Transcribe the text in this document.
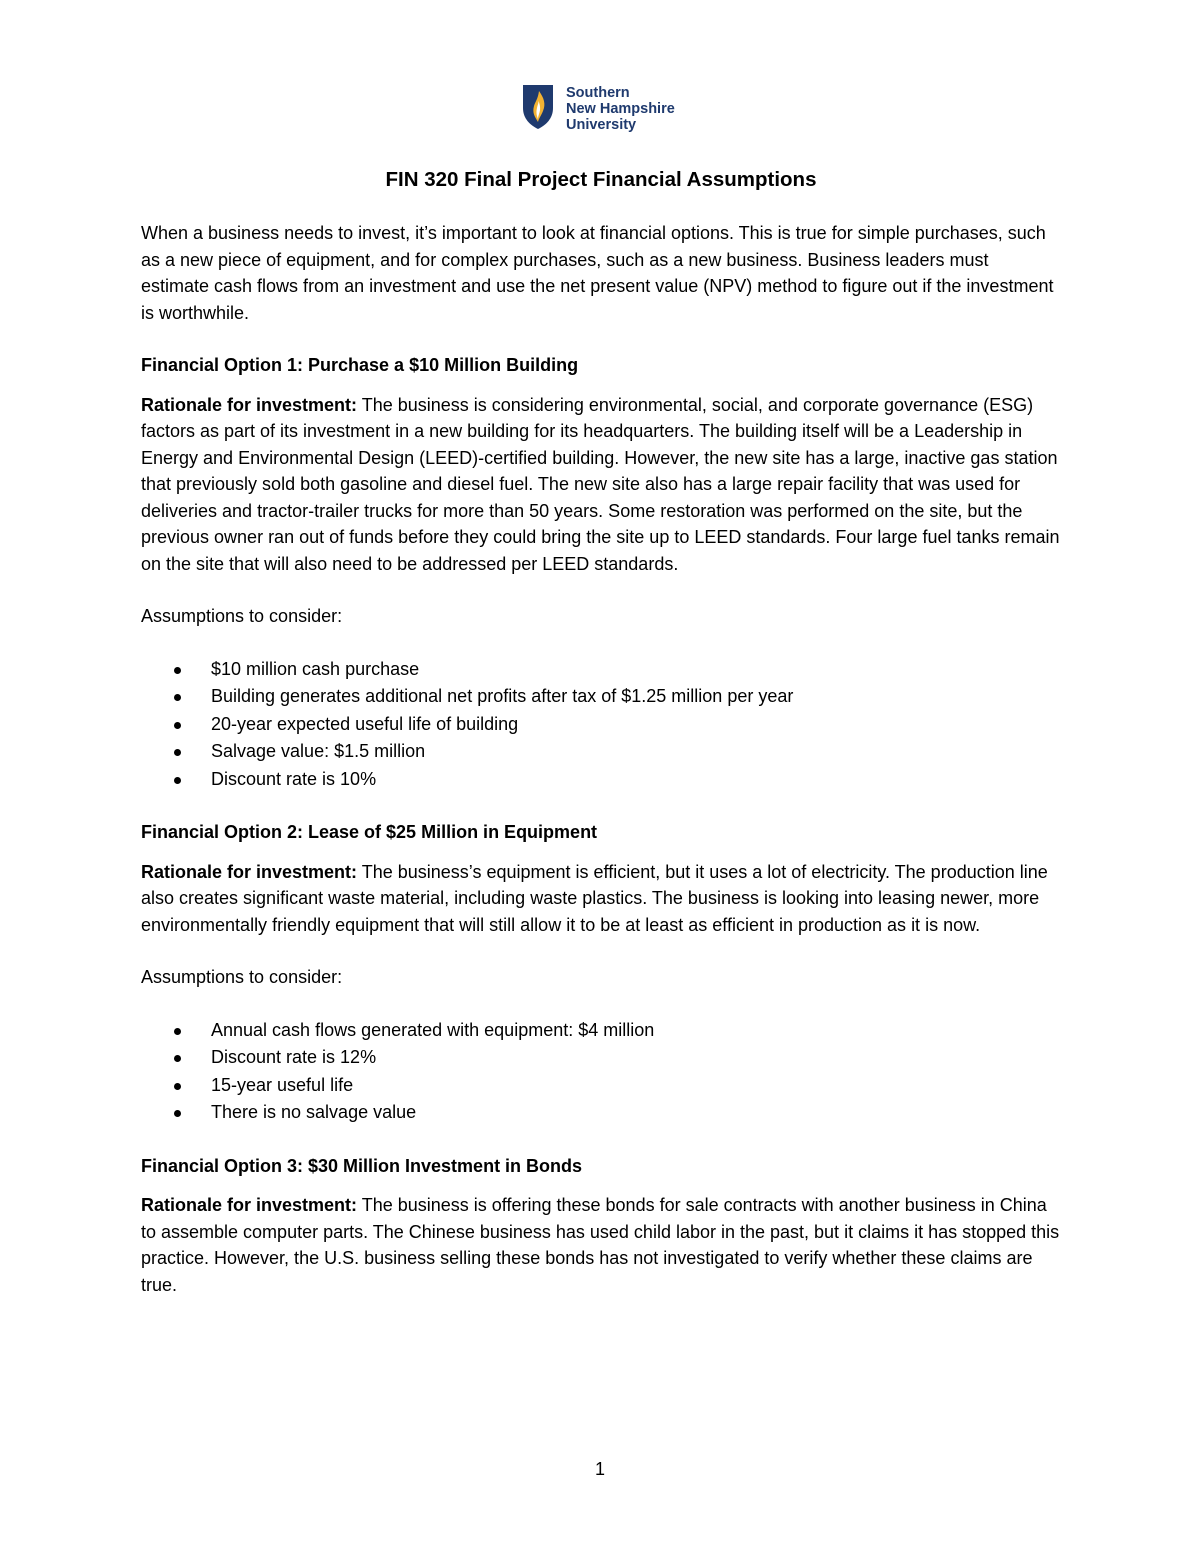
Southern
New Hampshire
University
FIN 320 Final Project Financial Assumptions

When a business needs to invest, it’s important to look at financial options. This is true for simple purchases, such as a new piece of equipment, and for complex purchases, such as a new business. Business leaders must estimate cash flows from an investment and use the net present value (NPV) method to figure out if the investment is worthwhile.

Financial Option 1: Purchase a $10 Million Building

Rationale for investment: The business is considering environmental, social, and corporate governance (ESG) factors as part of its investment in a new building for its headquarters. The building itself will be a Leadership in Energy and Environmental Design (LEED)-certified building. However, the new site has a large, inactive gas station that previously sold both gasoline and diesel fuel. The new site also has a large repair facility that was used for deliveries and tractor-trailer trucks for more than 50 years. Some restoration was performed on the site, but the previous owner ran out of funds before they could bring the site up to LEED standards. Four large fuel tanks remain on the site that will also need to be addressed per LEED standards.

Assumptions to consider:

$10 million cash purchase
Building generates additional net profits after tax of $1.25 million per year
20-year expected useful life of building
Salvage value: $1.5 million
Discount rate is 10%

Financial Option 2: Lease of $25 Million in Equipment

Rationale for investment: The business’s equipment is efficient, but it uses a lot of electricity. The production line also creates significant waste material, including waste plastics. The business is looking into leasing newer, more environmentally friendly equipment that will still allow it to be at least as efficient in production as it is now.

Assumptions to consider:

Annual cash flows generated with equipment: $4 million
Discount rate is 12%
15-year useful life
There is no salvage value

Financial Option 3: $30 Million Investment in Bonds

Rationale for investment: The business is offering these bonds for sale contracts with another business in China to assemble computer parts. The Chinese business has used child labor in the past, but it claims it has stopped this practice. However, the U.S. business selling these bonds has not investigated to verify whether these claims are true.

1
